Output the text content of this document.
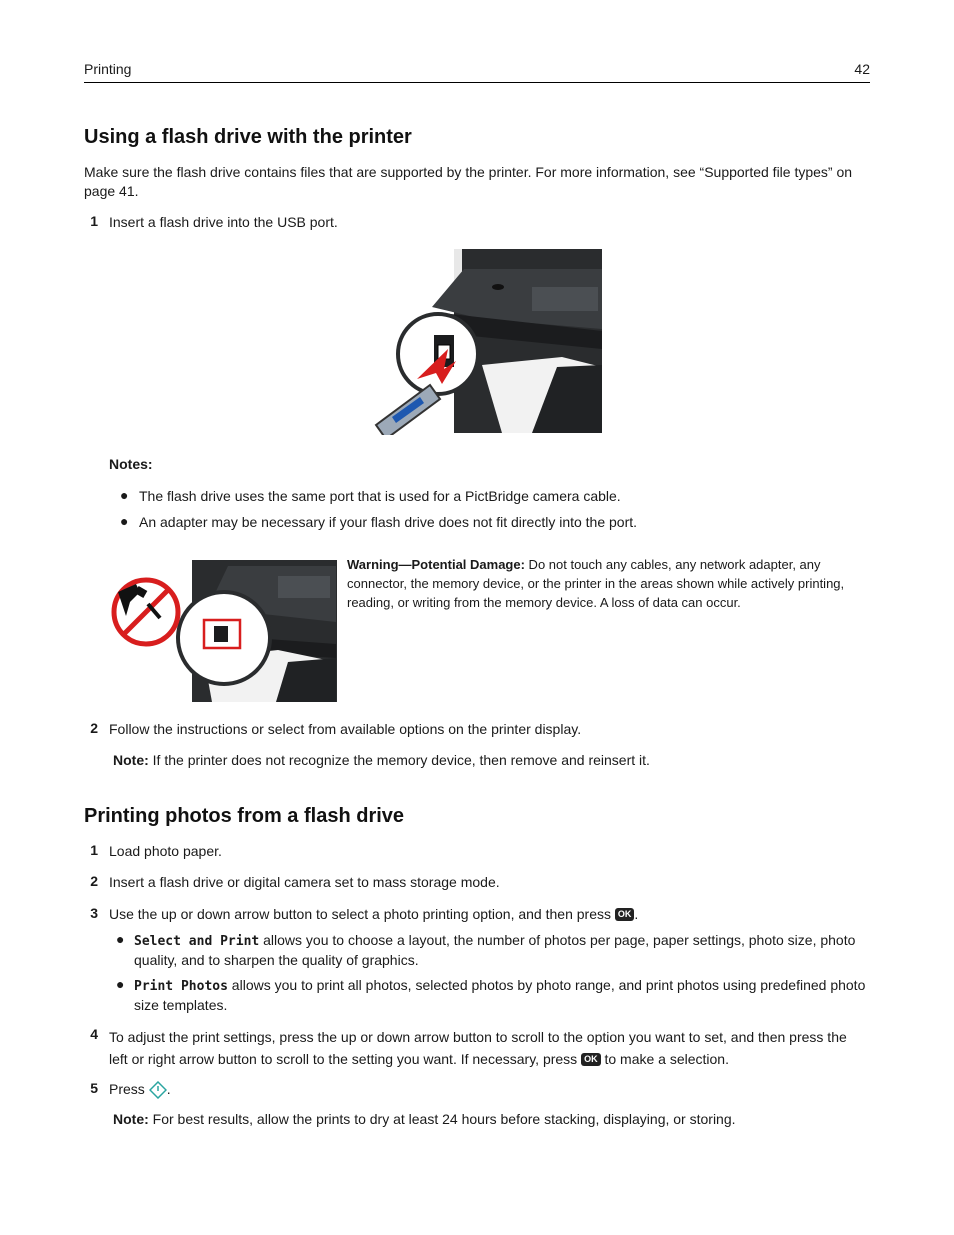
Printing	42
Using a flash drive with the printer
Make sure the flash drive contains files that are supported by the printer. For more information, see “Supported file types” on page 41.
1 Insert a flash drive into the USB port.
Notes:
● The flash drive uses the same port that is used for a PictBridge camera cable.
● An adapter may be necessary if your flash drive does not fit directly into the port.
Warning—Potential Damage: Do not touch any cables, any network adapter, any connector, the memory device, or the printer in the areas shown while actively printing, reading, or writing from the memory device. A loss of data can occur.
2 Follow the instructions or select from available options on the printer display.
Note: If the printer does not recognize the memory device, then remove and reinsert it.
Printing photos from a flash drive
1 Load photo paper.
2 Insert a flash drive or digital camera set to mass storage mode.
3 Use the up or down arrow button to select a photo printing option, and then press OK .
● Select and Print allows you to choose a layout, the number of photos per page, paper settings, photo size, photo quality, and to sharpen the quality of graphics.
● Print Photos allows you to print all photos, selected photos by photo range, and print photos using predefined photo size templates.
4 To adjust the print settings, press the up or down arrow button to scroll to the option you want to set, and then press the left or right arrow button to scroll to the setting you want. If necessary, press OK to make a selection.
5 Press .
Note: For best results, allow the prints to dry at least 24 hours before stacking, displaying, or storing.
